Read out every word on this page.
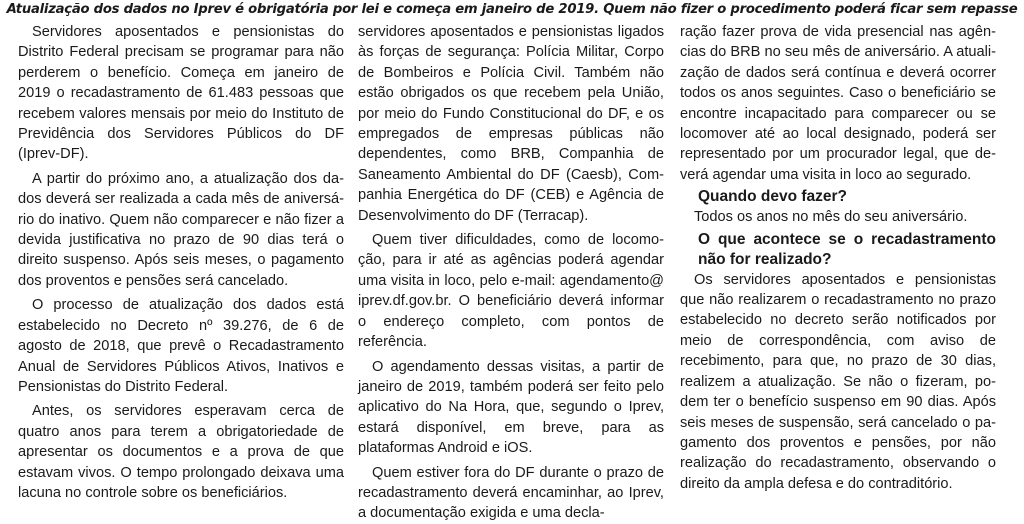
Atualização dos dados no Iprev é obrigatória por lei e começa em janeiro de 2019. Quem não fizer o procedimento poderá ficar sem repasse

Servidores aposentados e pensionistas do Distrito Federal precisam se programar para não perderem o benefício. Começa em janeiro de 2019 o recadastramento de 61.483 pessoas que recebem valores mensais por meio do Instituto de Previdência dos Servidores Públicos do DF (Iprev-DF).

A partir do próximo ano, a atualização dos dados deverá ser realizada a cada mês de aniversário do inativo. Quem não comparecer e não fizer a devida justificativa no prazo de 90 dias terá o direito suspenso. Após seis meses, o pagamento dos proventos e pensões será cancelado.

O processo de atualização dos dados está estabelecido no Decreto nº 39.276, de 6 de agosto de 2018, que prevê o Recadastramento Anual de Servidores Públicos Ativos, Inativos e Pensionistas do Distrito Federal.

Antes, os servidores esperavam cerca de quatro anos para terem a obrigatoriedade de apresentar os documentos e a prova de que estavam vivos. O tempo prolongado deixava uma lacuna no controle sobre os beneficiários.

servidores aposentados e pensionistas ligados às forças de segurança: Polícia Militar, Corpo de Bombeiros e Polícia Civil. Também não estão obrigados os que recebem pela União, por meio do Fundo Constitucional do DF, e os empregados de empresas públicas não dependentes, como BRB, Companhia de Saneamento Ambiental do DF (Caesb), Companhia Energética do DF (CEB) e Agência de Desenvolvimento do DF (Terracap).

Quem tiver dificuldades, como de locomoção, para ir até as agências poderá agendar uma visita in loco, pelo e-mail: agendamento@ iprev.df.gov.br. O beneficiário deverá informar o endereço completo, com pontos de referência.

O agendamento dessas visitas, a partir de janeiro de 2019, também poderá ser feito pelo aplicativo do Na Hora, que, segundo o Iprev, estará disponível, em breve, para as plataformas Android e iOS.

Quem estiver fora do DF durante o prazo de recadastramento deverá encaminhar, ao Iprev, a documentação exigida e uma decla-

ração fazer prova de vida presencial nas agências do BRB no seu mês de aniversário. A atualização de dados será contínua e deverá ocorrer todos os anos seguintes. Caso o beneficiário se encontre incapacitado para comparecer ou se locomover até ao local designado, poderá ser representado por um procurador legal, que deverá agendar uma visita in loco ao segurado.

Quando devo fazer?

Todos os anos no mês do seu aniversário.

O que acontece se o recadastramento não for realizado?

Os servidores aposentados e pensionistas que não realizarem o recadastramento no prazo estabelecido no decreto serão notificados por meio de correspondência, com aviso de recebimento, para que, no prazo de 30 dias, realizem a atualização. Se não o fizeram, podem ter o benefício suspenso em 90 dias. Após seis meses de suspensão, será cancelado o pagamento dos proventos e pensões, por não realização do recadastramento, observando o direito da ampla defesa e do contraditório.
